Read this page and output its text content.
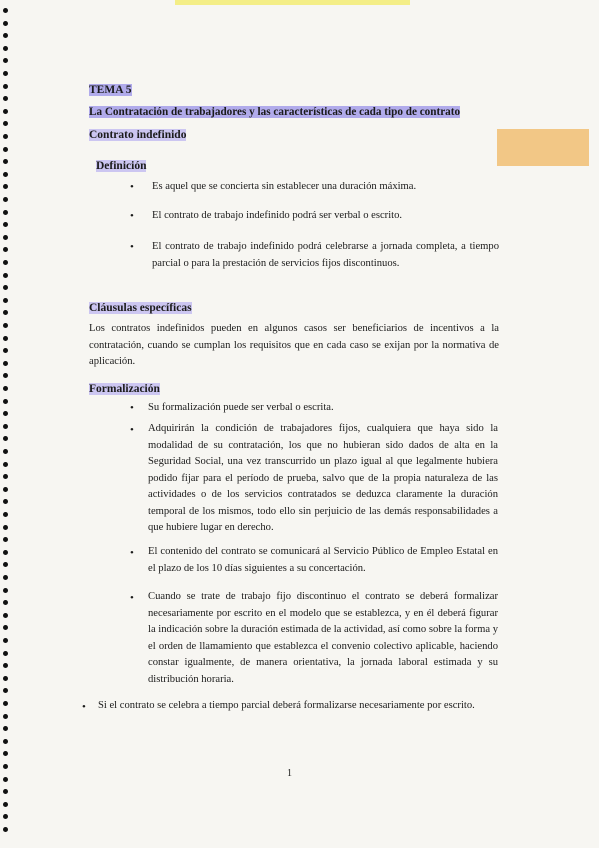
TEMA 5
La Contratación de trabajadores y las características de cada tipo de contrato
Contrato indefinido
Definición
• Es aquel que se concierta sin establecer una duración máxima.
• El contrato de trabajo indefinido podrá ser verbal o escrito.
• El contrato de trabajo indefinido podrá celebrarse a jornada completa, a tiempo parcial o para la prestación de servicios fijos discontinuos.
Cláusulas específicas
Los contratos indefinidos pueden en algunos casos ser beneficiarios de incentivos a la contratación, cuando se cumplan los requisitos que en cada caso se exijan por la normativa de aplicación.
Formalización
• Su formalización puede ser verbal o escrita.
• Adquirirán la condición de trabajadores fijos, cualquiera que haya sido la modalidad de su contratación, los que no hubieran sido dados de alta en la Seguridad Social, una vez transcurrido un plazo igual al que legalmente hubiera podido fijar para el período de prueba, salvo que de la propia naturaleza de las actividades o de los servicios contratados se deduzca claramente la duración temporal de los mismos, todo ello sin perjuicio de las demás responsabilidades a que hubiere lugar en derecho.
• El contenido del contrato se comunicará al Servicio Público de Empleo Estatal en el plazo de los 10 días siguientes a su concertación.
• Cuando se trate de trabajo fijo discontinuo el contrato se deberá formalizar necesariamente por escrito en el modelo que se establezca, y en él deberá figurar la indicación sobre la duración estimada de la actividad, así como sobre la forma y el orden de llamamiento que establezca el convenio colectivo aplicable, haciendo constar igualmente, de manera orientativa, la jornada laboral estimada y su distribución horaria.
• Si el contrato se celebra a tiempo parcial deberá formalizarse necesariamente por escrito.
1
